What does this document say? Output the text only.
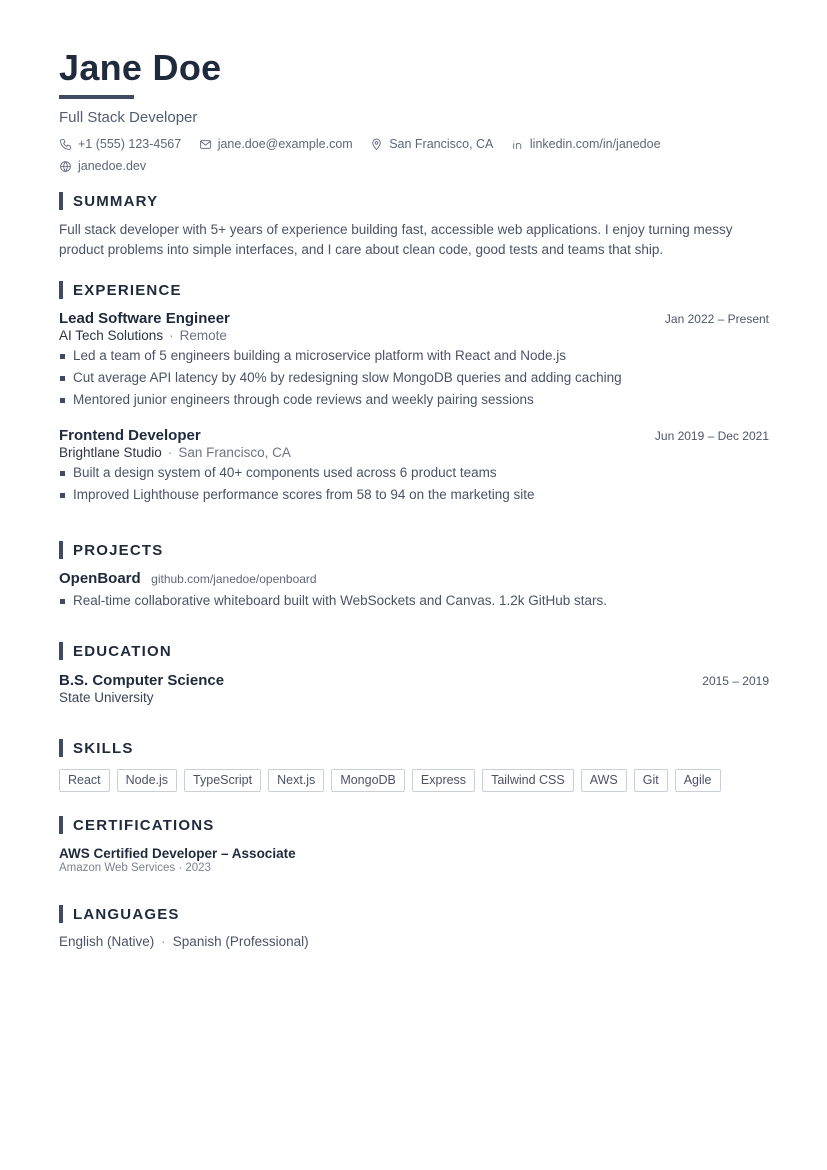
Jane Doe
Full Stack Developer
+1 (555) 123-4567
	jane.doe@example.com
	San Francisco, CA
	linkedin.com/in/janedoe

janedoe.dev
SUMMARY
Full stack developer with 5+ years of experience building fast, accessible web applications. I enjoy turning messy product problems into simple interfaces, and I care about clean code, good tests and teams that ship.
EXPERIENCE
Lead Software Engineer	Jan 2022 – Present
AI Tech Solutions · Remote
Led a team of 5 engineers building a microservice platform with React and Node.js
Cut average API latency by 40% by redesigning slow MongoDB queries and adding caching
Mentored junior engineers through code reviews and weekly pairing sessions
Frontend Developer	Jun 2019 – Dec 2021
Brightlane Studio · San Francisco, CA
Built a design system of 40+ components used across 6 product teams
Improved Lighthouse performance scores from 58 to 94 on the marketing site
PROJECTS
OpenBoard github.com/janedoe/openboard
Real-time collaborative whiteboard built with WebSockets and Canvas. 1.2k GitHub stars.
EDUCATION
B.S. Computer Science	2015 – 2019
State University
SKILLS
React	Node.js	TypeScript	Next.js	MongoDB	Express	Tailwind CSS	AWS	Git	Agile
CERTIFICATIONS
AWS Certified Developer – Associate
Amazon Web Services · 2023
LANGUAGES
English (Native) · Spanish (Professional)
